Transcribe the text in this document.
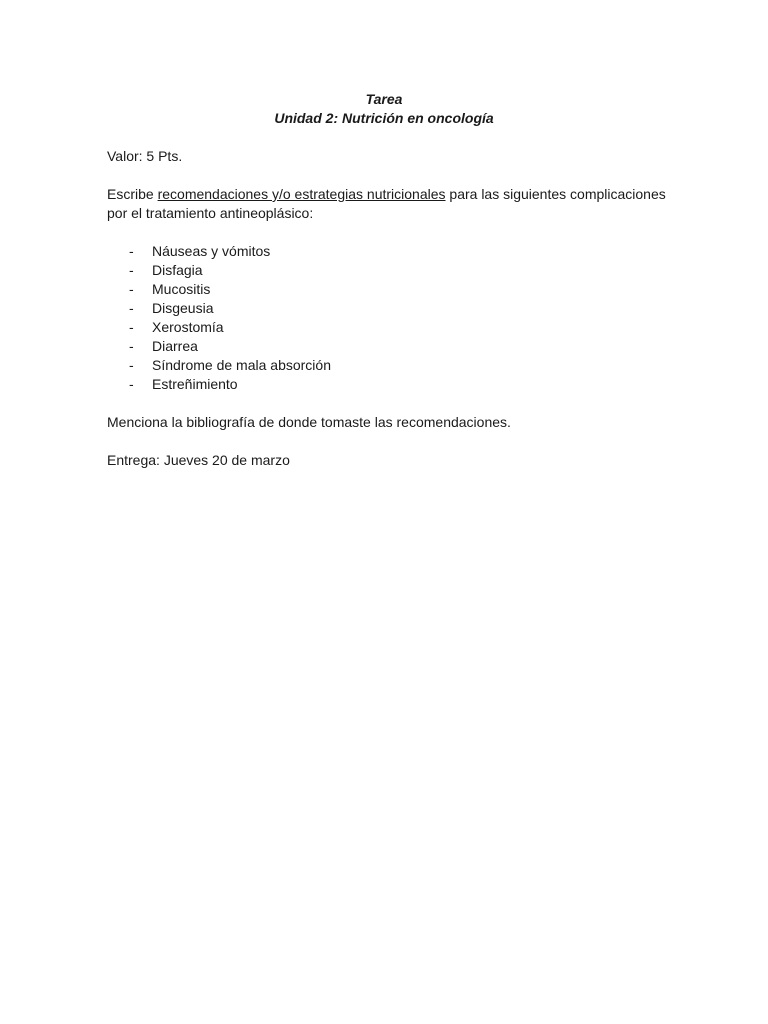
Tarea

Unidad 2: Nutrición en oncología

Valor: 5 Pts.

Escribe recomendaciones y/o estrategias nutricionales para las siguientes complicaciones por el tratamiento antineoplásico:

- Náuseas y vómitos
- Disfagia
- Mucositis
- Disgeusia
- Xerostomía
- Diarrea
- Síndrome de mala absorción
- Estreñimiento

Menciona la bibliografía de donde tomaste las recomendaciones.

Entrega: Jueves 20 de marzo
